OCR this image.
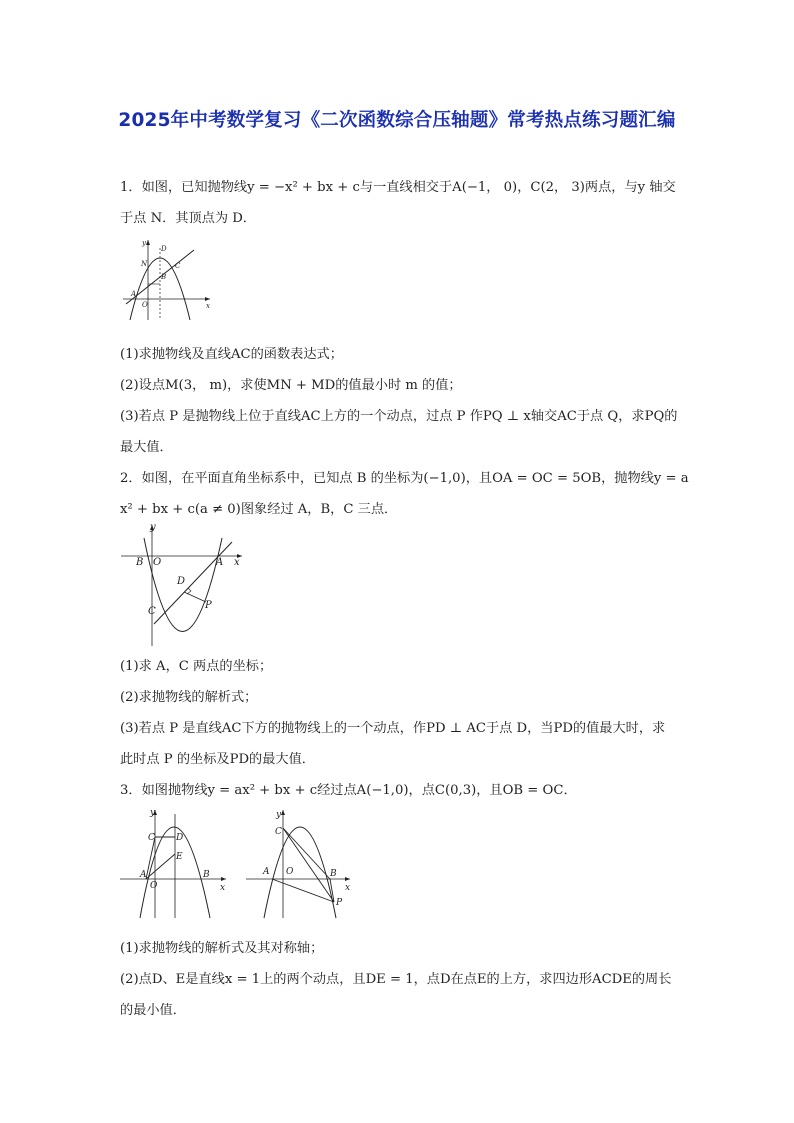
2025年中考数学复习《二次函数综合压轴题》常考热点练习题汇编
1．如图，已知抛物线y = −x² + bx + c与一直线相交于A(−1， 0)，C(2， 3)两点，与y 轴交
于点 N．其顶点为 D．
y
D
N	C
B
A
O	x
(1)求抛物线及直线AC的函数表达式；
(2)设点M(3， m)，求使MN + MD的值最小时 m 的值；
(3)若点 P 是抛物线上位于直线AC上方的一个动点，过点 P 作PQ ⊥ x轴交AC于点 Q，求PQ的
最大值．
2．如图，在平面直角坐标系中，已知点 B 的坐标为(−1,0)，且OA = OC = 5OB，抛物线y = a
x² + bx + c(a ≠ 0)图象经过 A，B，C 三点．
y
B O	A x
D
C
P
(1)求 A，C 两点的坐标；
(2)求抛物线的解析式；
(3)若点 P 是直线AC下方的抛物线上的一个动点，作PD ⊥ AC于点 D，当PD的值最大时，求
此时点 P 的坐标及PD的最大值．
3．如图抛物线y = ax² + bx + c经过点A(−1,0)，点C(0,3)，且OB = OC．
y
C D
E
A
O
B
x
y
C
A O	B
x
P
(1)求抛物线的解析式及其对称轴；
(2)点D、E是直线x = 1上的两个动点，且DE = 1，点D在点E的上方，求四边形ACDE的周长
的最小值．
